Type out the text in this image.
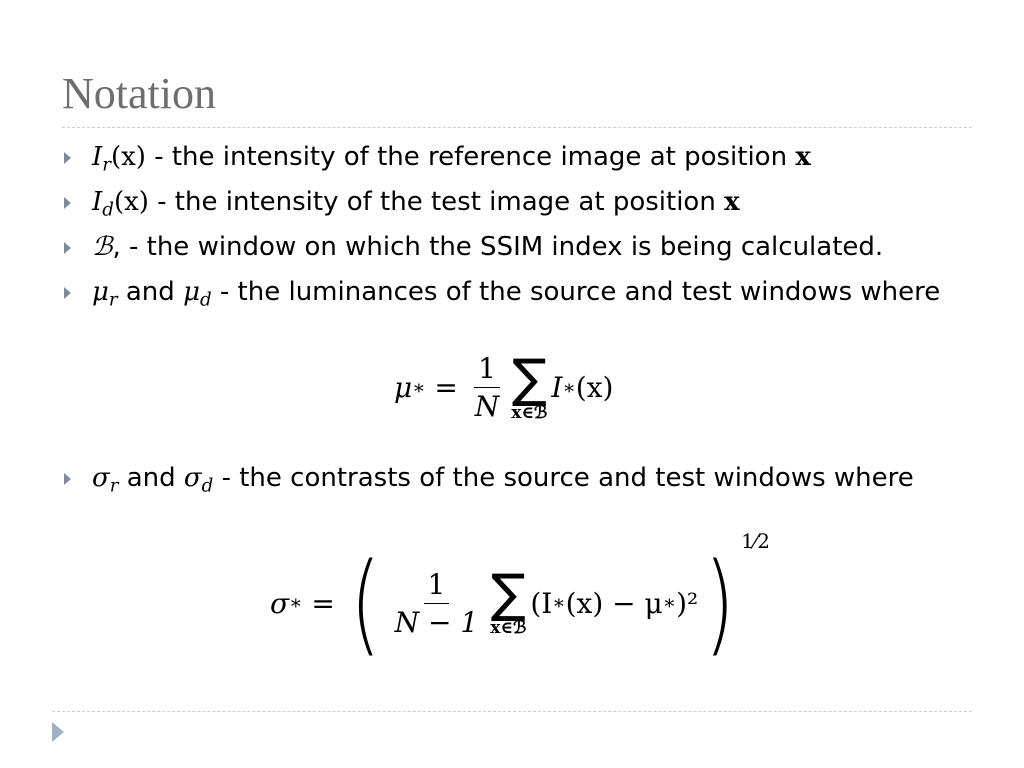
Notation
$I_r(x)$ - the intensity of the reference image at position x
$I_d(x)$ - the intensity of the test image at position x
ℬ, - the window on which the SSIM index is being calculated.
$\mu_r$ and $\mu_d$ - the luminances of the source and test windows where
μ ∗ = $\frac{1}{N}$ ∑
x∈ℬ
I ∗ (x)
$\sigma_r$ and $\sigma_d$ - the contrasts of the source and test windows where
σ ∗ = ( $\frac{1}{N - 1}$ ∑
x∈ℬ
(I ∗ (x) − μ ∗ )² ) 1⁄2
